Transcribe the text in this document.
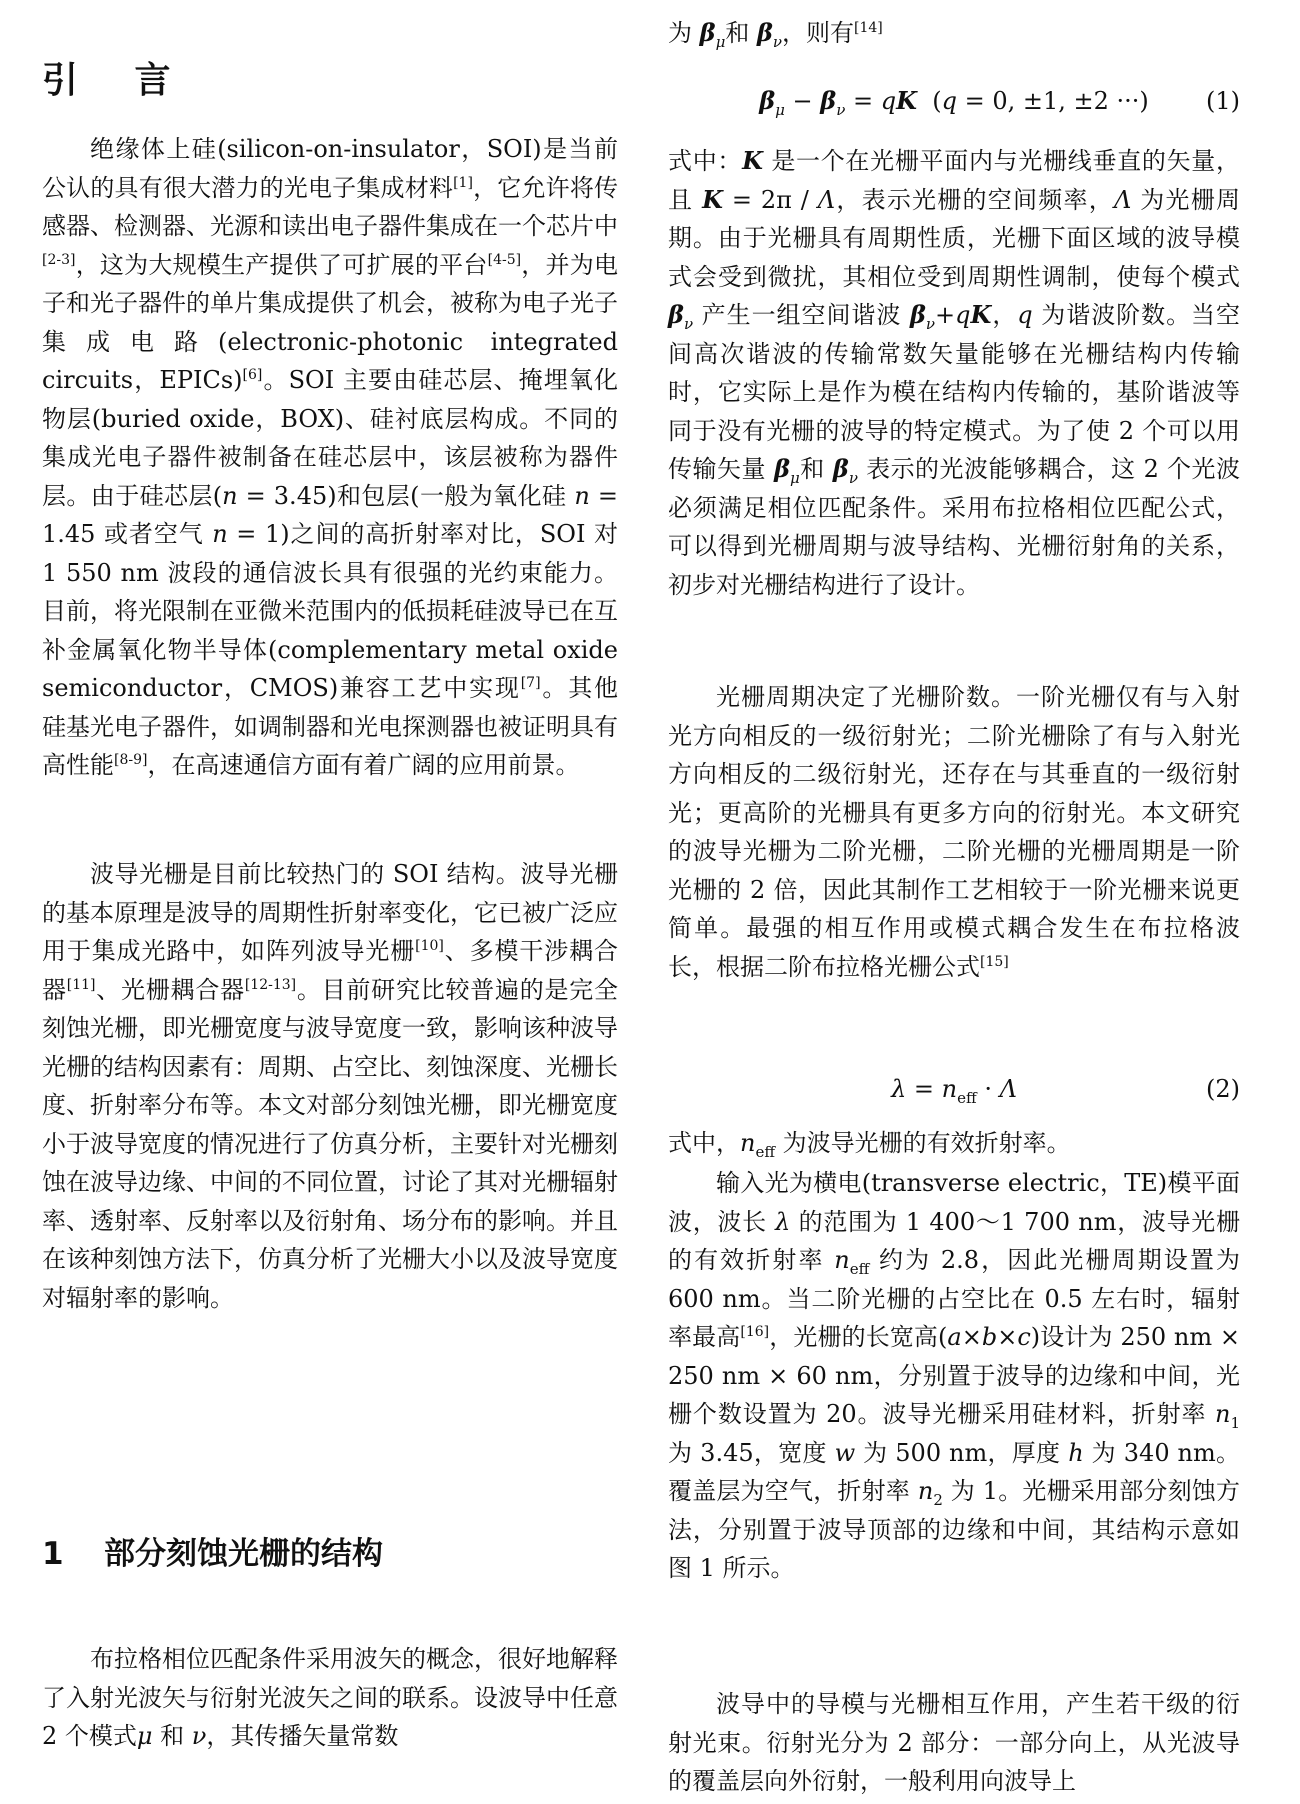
引 言

绝缘体上硅(silicon-on-insulator，SOI)是当前公认的具有很大潜力的光电子集成材料[1]，它允许将传感器、检测器、光源和读出电子器件集成在一个芯片中[2-3]，这为大规模生产提供了可扩展的平台[4-5]，并为电子和光子器件的单片集成提供了机会，被称为电子光子集成电路(electronic-photonic integrated circuits，EPICs)[6]。SOI 主要由硅芯层、掩埋氧化物层(buried oxide，BOX)、硅衬底层构成。不同的集成光电子器件被制备在硅芯层中，该层被称为器件层。由于硅芯层(n = 3.45)和包层(一般为氧化硅 n = 1.45 或者空气 n = 1)之间的高折射率对比，SOI 对 1 550 nm 波段的通信波长具有很强的光约束能力。目前，将光限制在亚微米范围内的低损耗硅波导已在互补金属氧化物半导体(complementary metal oxide semiconductor，CMOS)兼容工艺中实现[7]。其他硅基光电子器件，如调制器和光电探测器也被证明具有高性能[8-9]，在高速通信方面有着广阔的应用前景。

波导光栅是目前比较热门的 SOI 结构。波导光栅的基本原理是波导的周期性折射率变化，它已被广泛应用于集成光路中，如阵列波导光栅[10]、多模干涉耦合器[11]、光栅耦合器[12-13]。目前研究比较普遍的是完全刻蚀光栅，即光栅宽度与波导宽度一致，影响该种波导光栅的结构因素有：周期、占空比、刻蚀深度、光栅长度、折射率分布等。本文对部分刻蚀光栅，即光栅宽度小于波导宽度的情况进行了仿真分析，主要针对光栅刻蚀在波导边缘、中间的不同位置，讨论了其对光栅辐射率、透射率、反射率以及衍射角、场分布的影响。并且在该种刻蚀方法下，仿真分析了光栅大小以及波导宽度对辐射率的影响。

布拉格相位匹配条件采用波矢的概念，很好地解释了入射光波矢与衍射光波矢之间的联系。设波导中任意 2 个模式μ 和 ν，其传播矢量常数

1 部分刻蚀光栅的结构

为 $\beta_\mu$和 $\beta_\nu$，则有[14]

$\beta_\mu - \beta_\nu$ = qK  (q = 0, ±1, ±2 ···)	(1)

式中：K 是一个在光栅平面内与光栅线垂直的矢量，且 K = 2π / Λ，表示光栅的空间频率，Λ 为光栅周期。由于光栅具有周期性质，光栅下面区域的波导模式会受到微扰，其相位受到周期性调制，使每个模式 $\beta_\nu$ 产生一组空间谐波 $\beta_\nu+qK$，q 为谐波阶数。当空间高次谐波的传输常数矢量能够在光栅结构内传输时，它实际上是作为模在结构内传输的，基阶谐波等同于没有光栅的波导的特定模式。为了使 2 个可以用传输矢量 $\beta_\mu$和 $\beta_\nu$ 表示的光波能够耦合，这 2 个光波必须满足相位匹配条件。采用布拉格相位匹配公式，可以得到光栅周期与波导结构、光栅衍射角的关系，初步对光栅结构进行了设计。

光栅周期决定了光栅阶数。一阶光栅仅有与入射光方向相反的一级衍射光；二阶光栅除了有与入射光方向相反的二级衍射光，还存在与其垂直的一级衍射光；更高阶的光栅具有更多方向的衍射光。本文研究的波导光栅为二阶光栅，二阶光栅的光栅周期是一阶光栅的 2 倍，因此其制作工艺相较于一阶光栅来说更简单。最强的相互作用或模式耦合发生在布拉格波长，根据二阶布拉格光栅公式[15]

$\lambda = n_{eff} \cdot \Lambda$	(2)

式中，$n_{eff}$ 为波导光栅的有效折射率。

输入光为横电(transverse electric，TE)模平面波，波长 λ 的范围为 1 400～1 700 nm，波导光栅的有效折射率 $n_{eff}$ 约为 2.8，因此光栅周期设置为 600 nm。当二阶光栅的占空比在 0.5 左右时，辐射率最高[16]，光栅的长宽高(a×b×c)设计为 250 nm × 250 nm × 60 nm，分别置于波导的边缘和中间，光栅个数设置为 20。波导光栅采用硅材料，折射率 $n_1$ 为 3.45，宽度 w 为 500 nm，厚度 h 为 340 nm。覆盖层为空气，折射率 $n_2$ 为 1。光栅采用部分刻蚀方法，分别置于波导顶部的边缘和中间，其结构示意如图 1 所示。

波导中的导模与光栅相互作用，产生若干级的衍射光束。衍射光分为 2 部分：一部分向上，从光波导的覆盖层向外衍射，一般利用向波导上
